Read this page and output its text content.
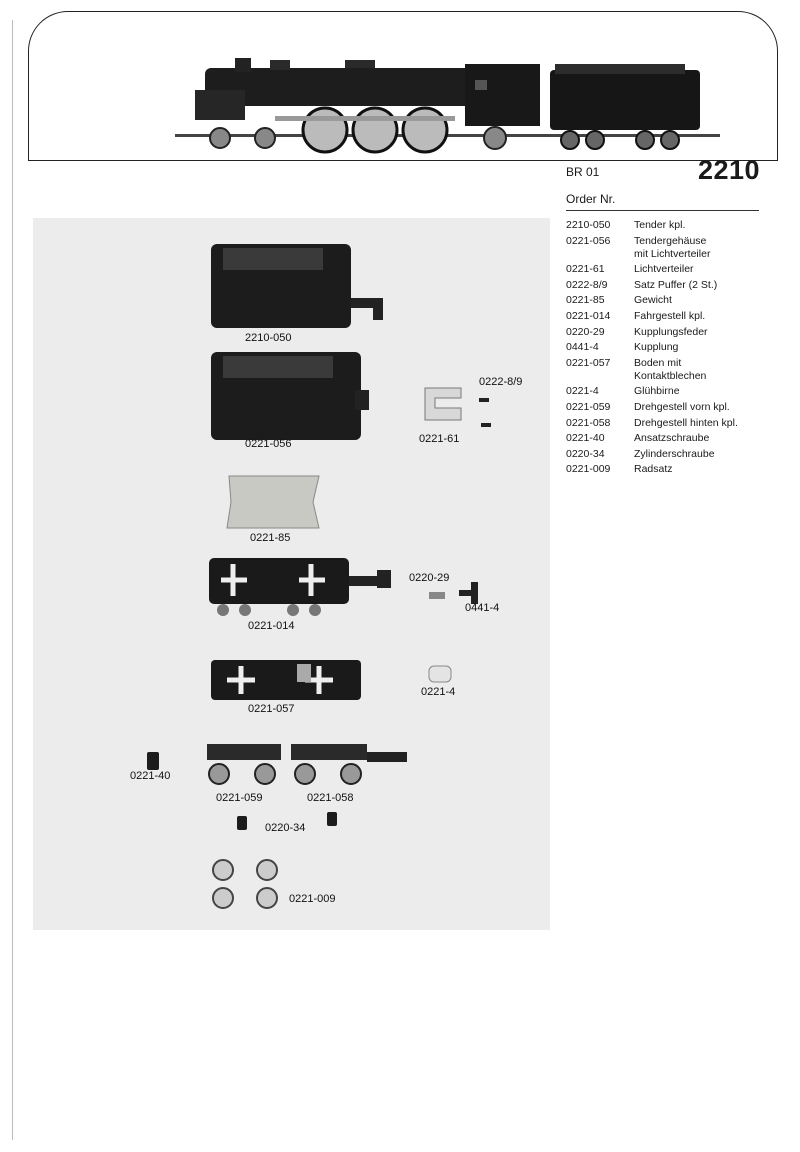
BR 01	2210
Order Nr.
2210-050	Tender kpl.
0221-056	Tendergehäuse
mit Lichtverteiler
0221-61	Lichtverteiler
0222-8/9	Satz Puffer (2 St.)
0221-85	Gewicht
0221-014	Fahrgestell kpl.
0220-29	Kupplungsfeder
0441-4	Kupplung
0221-057	Boden mit
Kontaktblechen
0221-4	Glühbirne
0221-059	Drehgestell vorn kpl.
0221-058	Drehgestell hinten kpl.
0221-40	Ansatzschraube
0220-34	Zylinderschraube
0221-009	Radsatz
2210-050
0221-056
0222-8/9
0221-61
0221-85
0220-29
0221-014
0441-4
0221-4
0221-057
0221-40
0221-059	0221-058
0220-34
0221-009
